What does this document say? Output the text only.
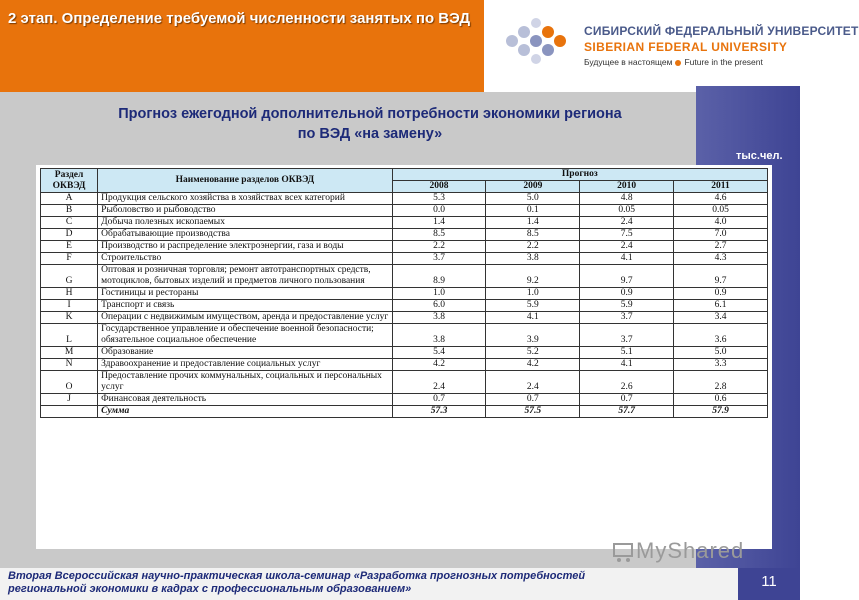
2 этап. Определение требуемой численности занятых по ВЭД
СИБИРСКИЙ ФЕДЕРАЛЬНЫЙ УНИВЕРСИТЕТ
SIBERIAN FEDERAL UNIVERSITY
Будущее в настоящем Future in the present
Прогноз ежегодной дополнительной потребности экономики региона
по ВЭД «на замену»
тыс.чел.
Раздел ОКВЭД	Наименование разделов ОКВЭД	Прогноз			
		2008	2009	2010	2011
A	Продукция сельского хозяйства в хозяйствах всех категорий	5.3	5.0	4.8	4.6
B	Рыболовство и рыбоводство	0.0	0.1	0.05	0.05
C	Добыча полезных ископаемых	1.4	1.4	2.4	4.0
D	Обрабатывающие производства	8.5	8.5	7.5	7.0
E	Производство и распределение электроэнергии, газа и воды	2.2	2.2	2.4	2.7
F	Строительство	3.7	3.8	4.1	4.3
G	Оптовая и розничная торговля; ремонт автотранспортных средств, мотоциклов, бытовых изделий и предметов личного пользования	8.9	9.2	9.7	9.7
H	Гостиницы и рестораны	1.0	1.0	0.9	0.9
I	Транспорт и связь	6.0	5.9	5.9	6.1
K	Операции с недвижимым имуществом, аренда и предоставление услуг	3.8	4.1	3.7	3.4
L	Государственное управление и обеспечение военной безопасности; обязательное социальное обеспечение	3.8	3.9	3.7	3.6
M	Образование	5.4	5.2	5.1	5.0
N	Здравоохранение и предоставление социальных услуг	4.2	4.2	4.1	3.3
O	Предоставление прочих коммунальных, социальных и персональных услуг	2.4	2.4	2.6	2.8
J	Финансовая деятельность	0.7	0.7	0.7	0.6
	Сумма	57.3	57.5	57.7	57.9
MyShared
Вторая Всероссийская научно-практическая школа-семинар «Разработка прогнозных потребностей
региональной экономики в кадрах с профессиональным образованием»	11
